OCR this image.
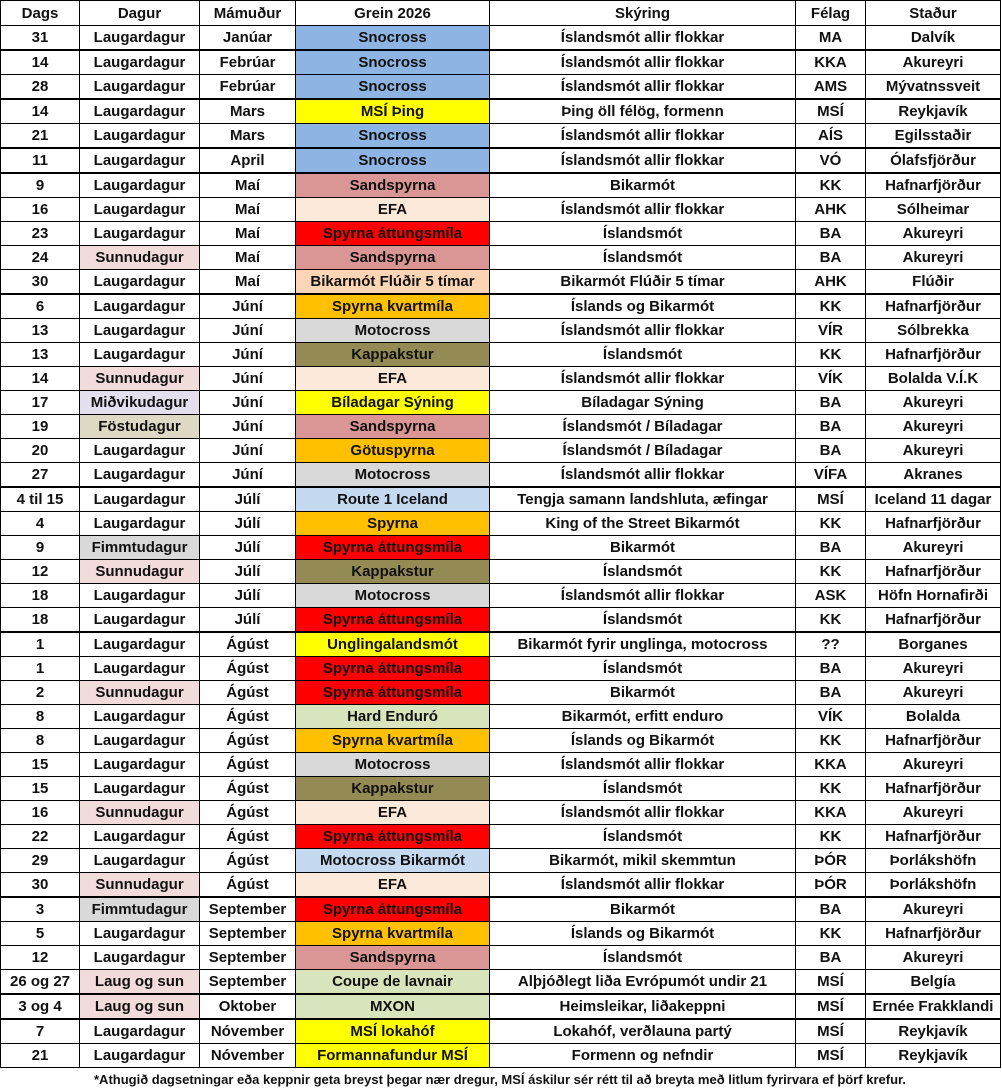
Dags	Dagur	Mámuður	Grein 2026	Skýring	Félag	Staður
31	Laugardagur	Janúar	Snocross	Íslandsmót allir flokkar	MA	Dalvík
14	Laugardagur	Febrúar	Snocross	Íslandsmót allir flokkar	KKA	Akureyri
28	Laugardagur	Febrúar	Snocross	Íslandsmót allir flokkar	AMS	Mývatnssveit
14	Laugardagur	Mars	MSÍ Þing	Þing öll félög, formenn	MSÍ	Reykjavík
21	Laugardagur	Mars	Snocross	Íslandsmót allir flokkar	AÍS	Egilsstaðir
11	Laugardagur	April	Snocross	Íslandsmót allir flokkar	VÓ	Ólafsfjörður
9	Laugardagur	Maí	Sandspyrna	Bikarmót	KK	Hafnarfjörður
16	Laugardagur	Maí	EFA	Íslandsmót allir flokkar	AHK	Sólheimar
23	Laugardagur	Maí	Spyrna áttungsmíla	Íslandsmót	BA	Akureyri
24	Sunnudagur	Maí	Sandspyrna	Íslandsmót	BA	Akureyri
30	Laugardagur	Maí	Bikarmót Flúðir 5 tímar	Bikarmót Flúðir 5 tímar	AHK	Flúðir
6	Laugardagur	Júní	Spyrna kvartmíla	Íslands og Bikarmót	KK	Hafnarfjörður
13	Laugardagur	Júní	Motocross	Íslandsmót allir flokkar	VÍR	Sólbrekka
13	Laugardagur	Júní	Kappakstur	Íslandsmót	KK	Hafnarfjörður
14	Sunnudagur	Júní	EFA	Íslandsmót allir flokkar	VÍK	Bolalda V.Í.K
17	Miðvikudagur	Júní	Bíladagar Sýning	Bíladagar Sýning	BA	Akureyri
19	Föstudagur	Júní	Sandspyrna	Íslandsmót / Bíladagar	BA	Akureyri
20	Laugardagur	Júní	Götuspyrna	Íslandsmót / Bíladagar	BA	Akureyri
27	Laugardagur	Júní	Motocross	Íslandsmót allir flokkar	VÍFA	Akranes
4 til 15	Laugardagur	Júlí	Route 1 Iceland	Tengja samann landshluta, æfingar	MSÍ	Iceland 11 dagar
4	Laugardagur	Júlí	Spyrna	King of the Street Bikarmót	KK	Hafnarfjörður
9	Fimmtudagur	Júlí	Spyrna áttungsmíla	Bikarmót	BA	Akureyri
12	Sunnudagur	Júlí	Kappakstur	Íslandsmót	KK	Hafnarfjörður
18	Laugardagur	Júlí	Motocross	Íslandsmót allir flokkar	ASK	Höfn Hornafirði
18	Laugardagur	Júlí	Spyrna áttungsmíla	Íslandsmót	KK	Hafnarfjörður
1	Laugardagur	Ágúst	Unglingalandsmót	Bikarmót fyrir unglinga, motocross	??	Borganes
1	Laugardagur	Ágúst	Spyrna áttungsmíla	Íslandsmót	BA	Akureyri
2	Sunnudagur	Ágúst	Spyrna áttungsmíla	Bikarmót	BA	Akureyri
8	Laugardagur	Ágúst	Hard Enduró	Bikarmót, erfitt enduro	VÍK	Bolalda
8	Laugardagur	Ágúst	Spyrna kvartmíla	Íslands og Bikarmót	KK	Hafnarfjörður
15	Laugardagur	Ágúst	Motocross	Íslandsmót allir flokkar	KKA	Akureyri
15	Laugardagur	Ágúst	Kappakstur	Íslandsmót	KK	Hafnarfjörður
16	Sunnudagur	Ágúst	EFA	Íslandsmót allir flokkar	KKA	Akureyri
22	Laugardagur	Ágúst	Spyrna áttungsmíla	Íslandsmót	KK	Hafnarfjörður
29	Laugardagur	Ágúst	Motocross Bikarmót	Bikarmót, mikil skemmtun	ÞÓR	Þorlákshöfn
30	Sunnudagur	Ágúst	EFA	Íslandsmót allir flokkar	ÞÓR	Þorlákshöfn
3	Fimmtudagur	September	Spyrna áttungsmíla	Bikarmót	BA	Akureyri
5	Laugardagur	September	Spyrna kvartmíla	Íslands og Bikarmót	KK	Hafnarfjörður
12	Laugardagur	September	Sandspyrna	Íslandsmót	BA	Akureyri
26 og 27	Laug og sun	September	Coupe de lavnair	Alþjóðlegt liða Evrópumót undir 21	MSÍ	Belgía
3 og 4	Laug og sun	Oktober	MXON	Heimsleikar, liðakeppni	MSÍ	Ernée Frakklandi
7	Laugardagur	Nóvember	MSÍ lokahóf	Lokahóf, verðlauna partý	MSÍ	Reykjavík
21	Laugardagur	Nóvember	Formannafundur MSÍ	Formenn og nefndir	MSÍ	Reykjavík
*Athugið dagsetningar eða keppnir geta breyst þegar nær dregur, MSÍ áskilur sér rétt til að breyta með litlum fyrirvara ef þörf krefur.
